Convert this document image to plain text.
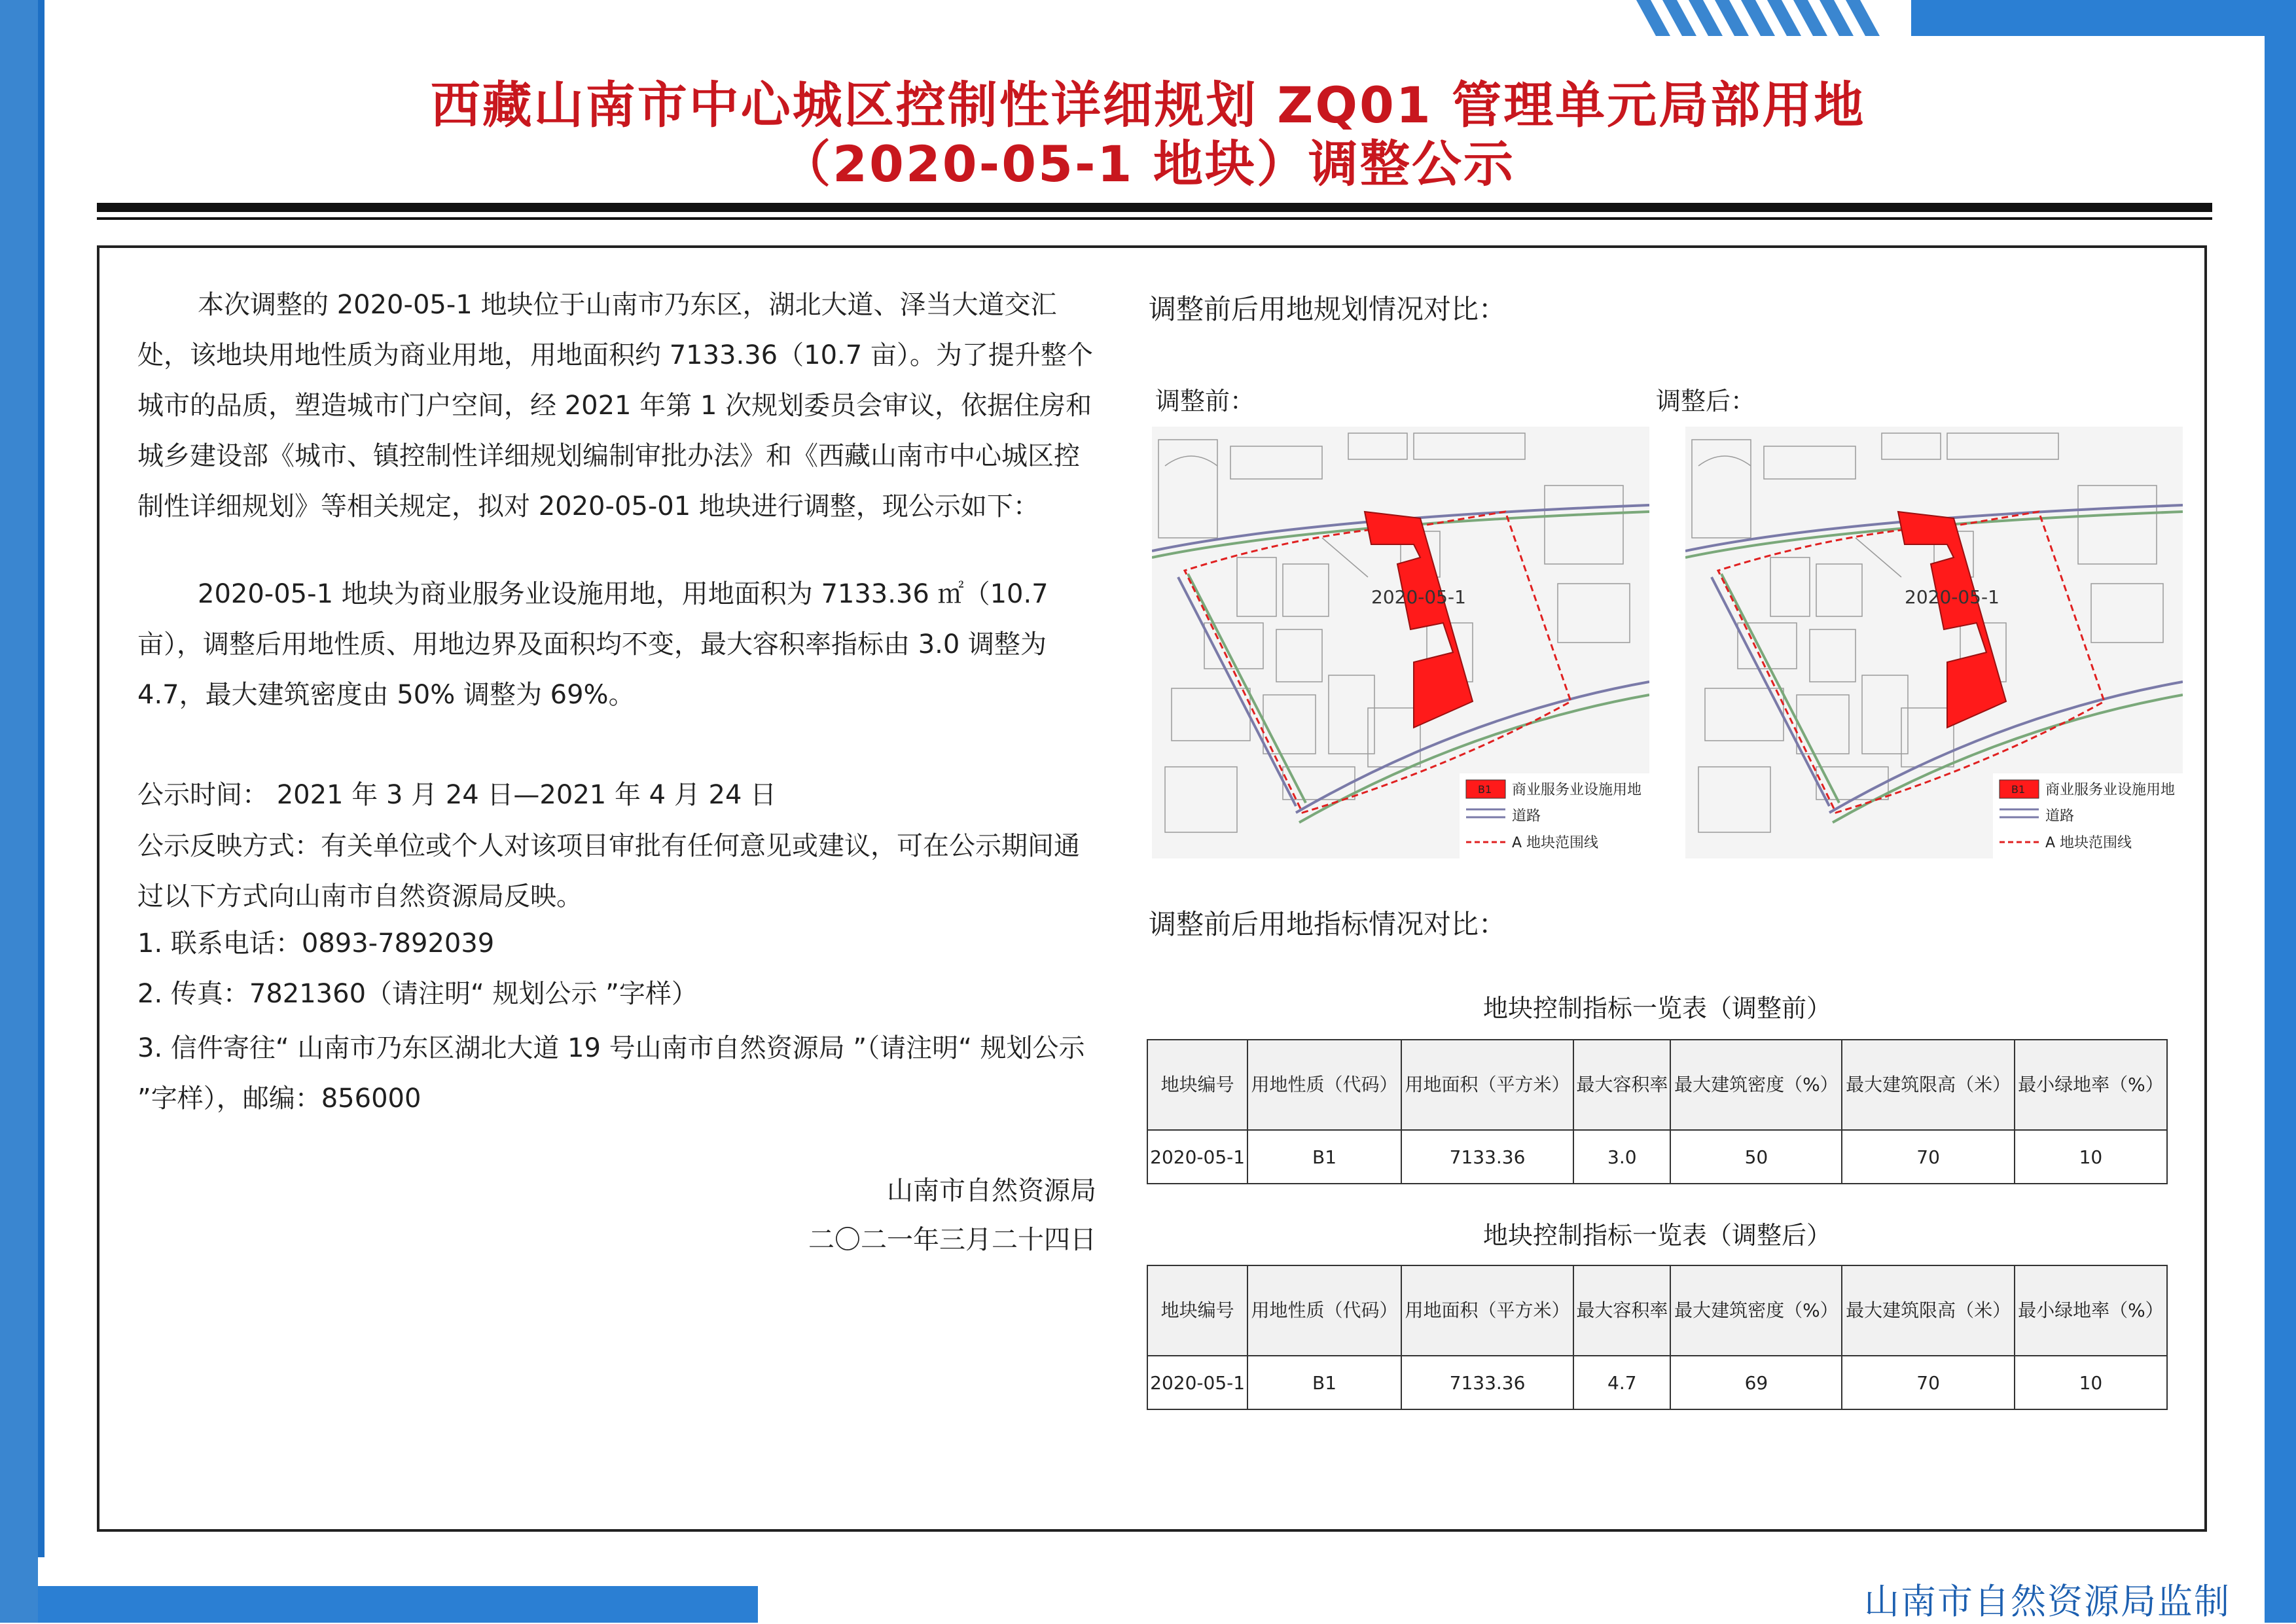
山南市自然资源局监制
西藏山南市中心城区控制性详细规划 ZQ01 管理单元局部用地
（2020-05-1 地块）调整公示
本次调整的 2020-05-1 地块位于山南市乃东区，湖北大道、泽当大道交汇处，该地块用地性质为商业用地，用地面积约 7133.36（10.7 亩）。为了提升整个城市的品质，塑造城市门户空间，经 2021 年第 1 次规划委员会审议，依据住房和城乡建设部《城市、镇控制性详细规划编制审批办法》和《西藏山南市中心城区控制性详细规划》等相关规定，拟对 2020-05-01 地块进行调整，现公示如下：
2020-05-1 地块为商业服务业设施用地，用地面积为 7133.36 ㎡（10.7 亩），调整后用地性质、用地边界及面积均不变，最大容积率指标由 3.0 调整为 4.7，最大建筑密度由 50% 调整为 69%。
公示时间： 2021 年 3 月 24 日—2021 年 4 月 24 日
公示反映方式：有关单位或个人对该项目审批有任何意见或建议，可在公示期间通过以下方式向山南市自然资源局反映。
1. 联系电话：0893-7892039
2. 传真：7821360（请注明“ 规划公示 ”字样）
3. 信件寄往“ 山南市乃东区湖北大道 19 号山南市自然资源局 ”（请注明“ 规划公示 ”字样），邮编：856000
山南市自然资源局
二〇二一年三月二十四日
调整前后用地规划情况对比：
调整前：	调整后：
2020-05-1
B1 商业服务业设施用地
道路
A 地块范围线
2020-05-1
B1 商业服务业设施用地
道路
A 地块范围线
调整前后用地指标情况对比：
地块控制指标一览表（调整前）
地块编号	用地性质（代码）	用地面积（平方米）	最大容积率	最大建筑密度（%）	最大建筑限高（米）	最小绿地率（%）
2020-05-1	B1	7133.36	3.0	50	70	10
地块控制指标一览表（调整后）
地块编号	用地性质（代码）	用地面积（平方米）	最大容积率	最大建筑密度（%）	最大建筑限高（米）	最小绿地率（%）
2020-05-1	B1	7133.36	4.7	69	70	10
